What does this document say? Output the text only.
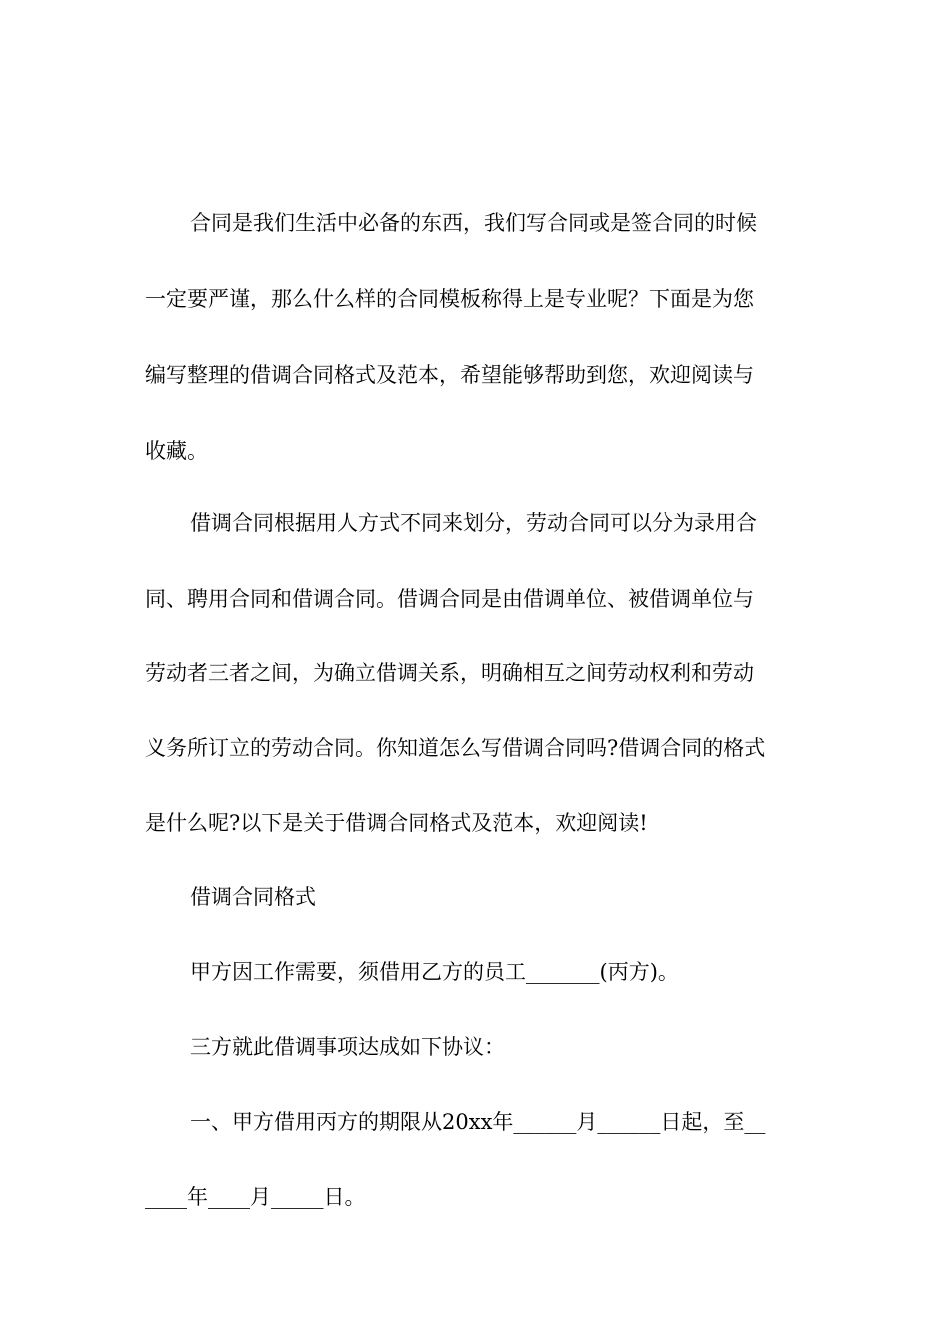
合同是我们生活中必备的东西，我们写合同或是签合同的时候
一定要严谨，那么什么样的合同模板称得上是专业呢？下面是为您
编写整理的借调合同格式及范本，希望能够帮助到您，欢迎阅读与
收藏。
借调合同根据用人方式不同来划分，劳动合同可以分为录用合
同、聘用合同和借调合同。借调合同是由借调单位、被借调单位与
劳动者三者之间，为确立借调关系，明确相互之间劳动权利和劳动
义务所订立的劳动合同。你知道怎么写借调合同吗?借调合同的格式
是什么呢?以下是关于借调合同格式及范本，欢迎阅读!
借调合同格式
甲方因工作需要，须借用乙方的员工_______(丙方)。
三方就此借调事项达成如下协议：
一、甲方借用丙方的期限从20xx年______月______日起，至__
____年____月_____日。
